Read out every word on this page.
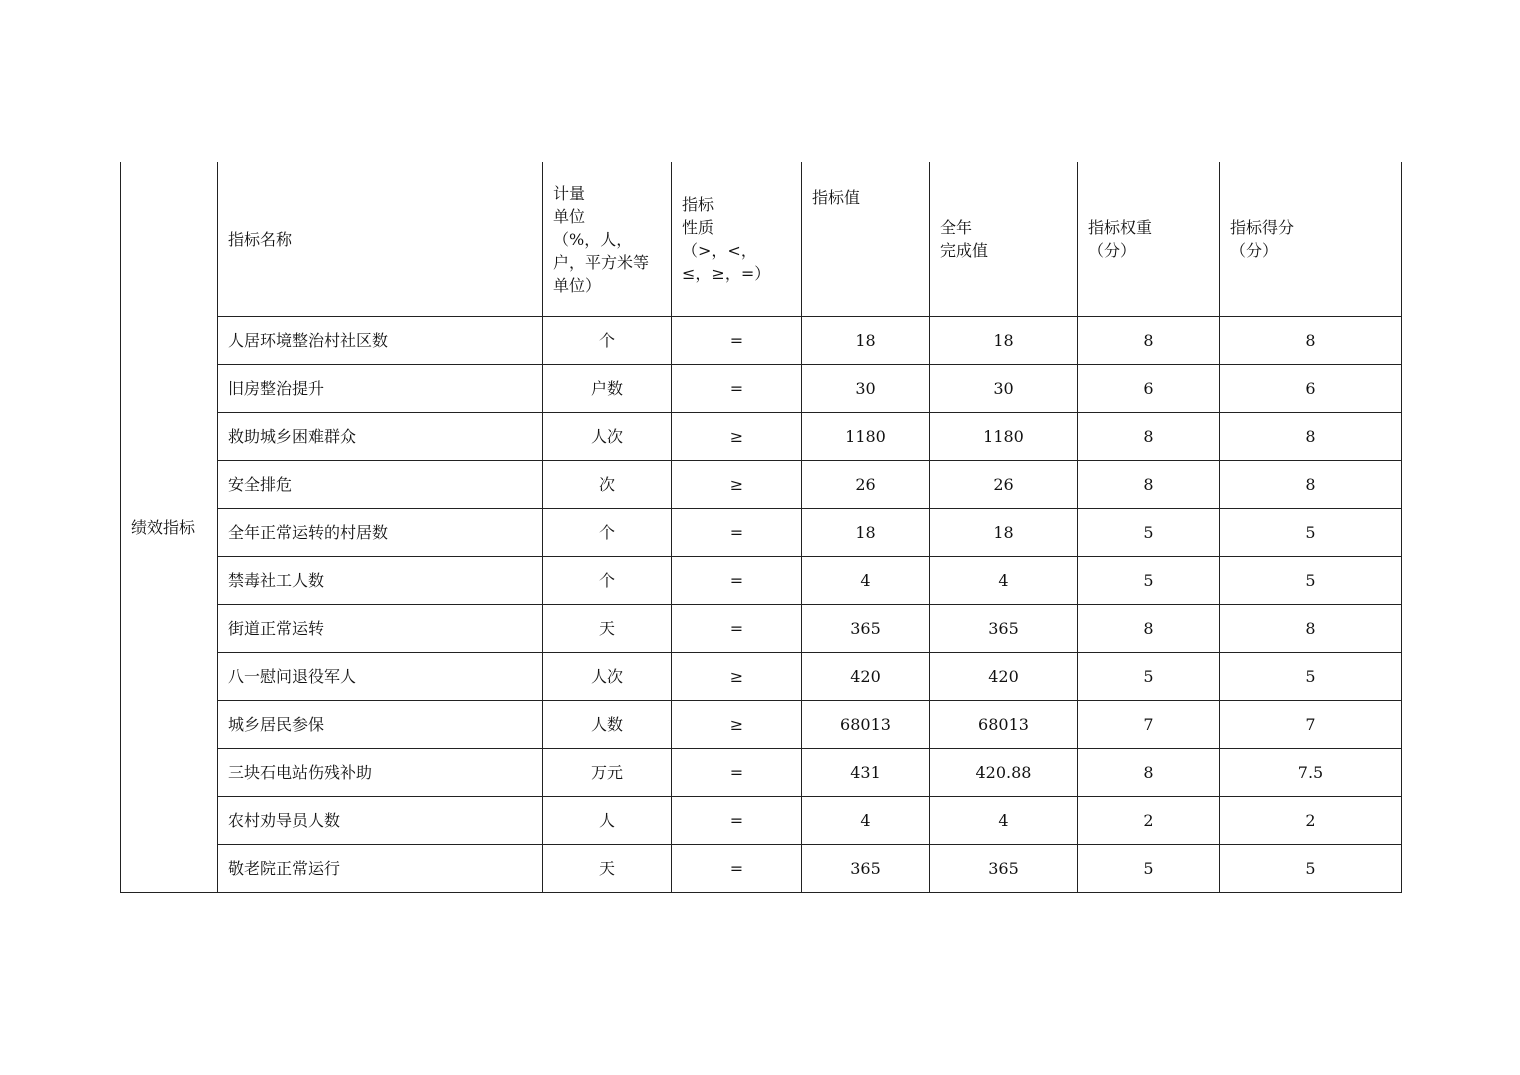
绩效指标	指标名称	计量
单位
（%，人，
户，平方米等
单位）	指标
性质
（>，<，
≤，≥，=）	指标值	全年
完成值	指标权重
（分）	指标得分
（分）

	人居环境整治村社区数	个	=	18	18	8	8
	旧房整治提升	户数	=	30	30	6	6
	救助城乡困难群众	人次	≥	1180	1180	8	8
	安全排危	次	≥	26	26	8	8
	全年正常运转的村居数	个	=	18	18	5	5
	禁毒社工人数	个	=	4	4	5	5
	街道正常运转	天	=	365	365	8	8
	八一慰问退役军人	人次	≥	420	420	5	5
	城乡居民参保	人数	≥	68013	68013	7	7
	三块石电站伤残补助	万元	=	431	420.88	8	7.5
	农村劝导员人数	人	=	4	4	2	2
	敬老院正常运行	天	=	365	365	5	5
